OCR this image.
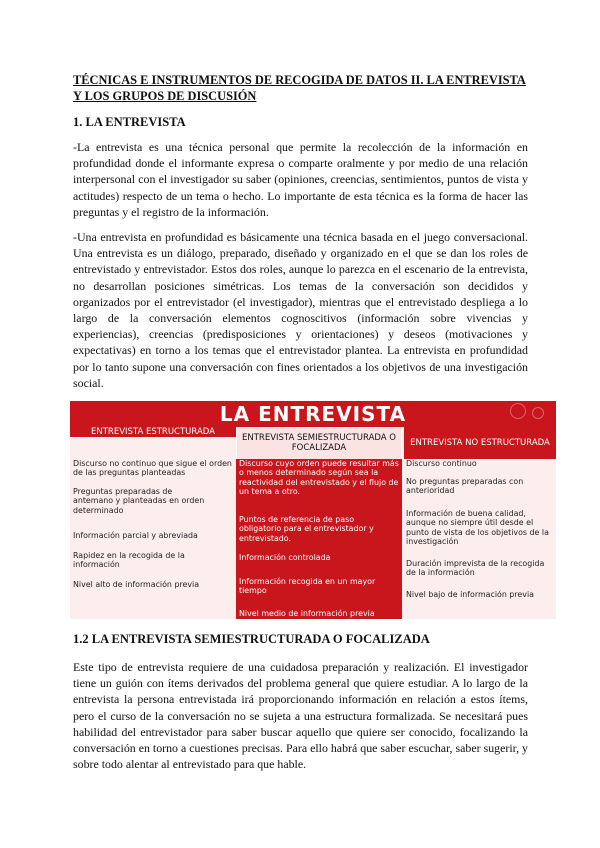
TÉCNICAS E INSTRUMENTOS DE RECOGIDA DE DATOS II. LA ENTREVISTA Y LOS GRUPOS DE DISCUSIÓN
1. LA ENTREVISTA

-La entrevista es una técnica personal que permite la recolección de la información en profundidad donde el informante expresa o comparte oralmente y por medio de una relación interpersonal con el investigador su saber (opiniones, creencias, sentimientos, puntos de vista y actitudes) respecto de un tema o hecho. Lo importante de esta técnica es la forma de hacer las preguntas y el registro de la información.

-Una entrevista en profundidad es básicamente una técnica basada en el juego conversacional. Una entrevista es un diálogo, preparado, diseñado y organizado en el que se dan los roles de entrevistado y entrevistador. Estos dos roles, aunque lo parezca en el escenario de la entrevista, no desarrollan posiciones simétricas. Los temas de la conversación son decididos y organizados por el entrevistador (el investigador), mientras que el entrevistado despliega a lo largo de la conversación elementos cognoscitivos (información sobre vivencias y experiencias), creencias (predisposiciones y orientaciones) y deseos (motivaciones y expectativas) en torno a los temas que el entrevistador plantea. La entrevista en profundidad por lo tanto supone una conversación con fines orientados a los objetivos de una investigación social.

LA ENTREVISTA
ENTREVISTA ESTRUCTURADA
Discurso no continuo que sigue el orden de las preguntas planteadas
Preguntas preparadas de antemano y planteadas en orden determinado
Información parcial y abreviada
Rapidez en la recogida de la información
Nivel alto de información previa
ENTREVISTA SEMIESTRUCTURADA O FOCALIZADA
Discurso cuyo orden puede resultar más o menos determinado según sea la reactividad del entrevistado y el flujo de un tema a otro.
Puntos de referencia de paso obligatorio para el entrevistador y entrevistado.
Información controlada
Información recogida en un mayor tiempo
Nivel medio de información previa
ENTREVISTA NO ESTRUCTURADA
Discurso continuo
No preguntas preparadas con anterioridad
Información de buena calidad, aunque no siempre útil desde el punto de vista de los objetivos de la investigación
Duración imprevista de la recogida de la información
Nivel bajo de información previa
1.2 LA ENTREVISTA SEMIESTRUCTURADA O FOCALIZADA

Este tipo de entrevista requiere de una cuidadosa preparación y realización. El investigador tiene un guión con ítems derivados del problema general que quiere estudiar. A lo largo de la entrevista la persona entrevistada irá proporcionando información en relación a estos ítems, pero el curso de la conversación no se sujeta a una estructura formalizada. Se necesitará pues habilidad del entrevistador para saber buscar aquello que quiere ser conocido, focalizando la conversación en torno a cuestiones precisas. Para ello habrá que saber escuchar, saber sugerir, y sobre todo alentar al entrevistado para que hable.
